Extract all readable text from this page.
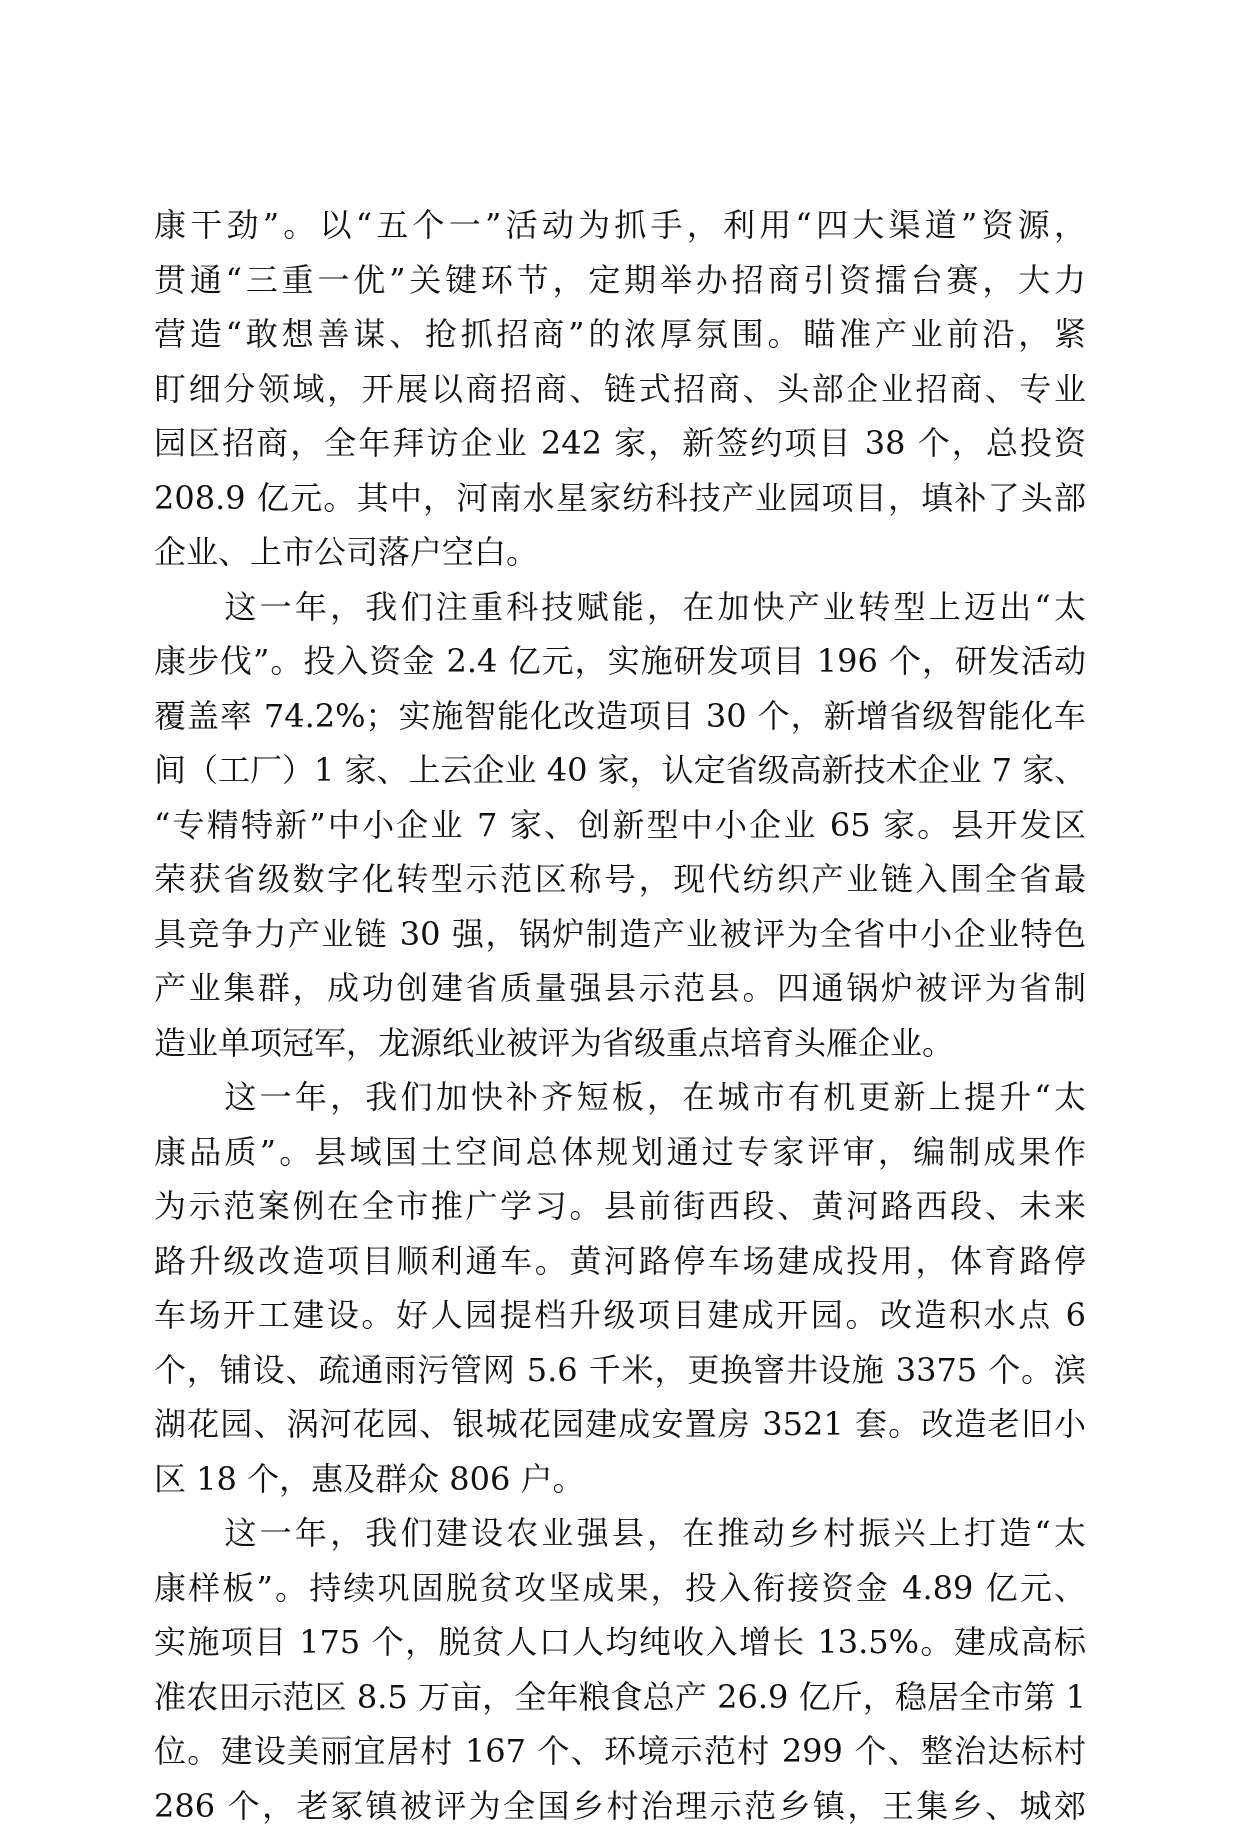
康干劲”。以“五个一”活动为抓手，利用“四大渠道”资源，
贯通“三重一优”关键环节，定期举办招商引资擂台赛，大力
营造“敢想善谋、抢抓招商”的浓厚氛围。瞄准产业前沿，紧
盯细分领域，开展以商招商、链式招商、头部企业招商、专业
园区招商，全年拜访企业 242 家，新签约项目 38 个，总投资
208.9 亿元。其中，河南水星家纺科技产业园项目，填补了头部
企业、上市公司落户空白。
　　这一年，我们注重科技赋能，在加快产业转型上迈出“太
康步伐”。投入资金 2.4 亿元，实施研发项目 196 个，研发活动
覆盖率 74.2%；实施智能化改造项目 30 个，新增省级智能化车
间（工厂）1 家、上云企业 40 家，认定省级高新技术企业 7 家、
“专精特新”中小企业 7 家、创新型中小企业 65 家。县开发区
荣获省级数字化转型示范区称号，现代纺织产业链入围全省最
具竞争力产业链 30 强，锅炉制造产业被评为全省中小企业特色
产业集群，成功创建省质量强县示范县。四通锅炉被评为省制
造业单项冠军，龙源纸业被评为省级重点培育头雁企业。
　　这一年，我们加快补齐短板，在城市有机更新上提升“太
康品质”。县域国土空间总体规划通过专家评审，编制成果作
为示范案例在全市推广学习。县前街西段、黄河路西段、未来
路升级改造项目顺利通车。黄河路停车场建成投用，体育路停
车场开工建设。好人园提档升级项目建成开园。改造积水点 6
个，铺设、疏通雨污管网 5.6 千米，更换窨井设施 3375 个。滨
湖花园、涡河花园、银城花园建成安置房 3521 套。改造老旧小
区 18 个，惠及群众 806 户。
　　这一年，我们建设农业强县，在推动乡村振兴上打造“太
康样板”。持续巩固脱贫攻坚成果，投入衔接资金 4.89 亿元、
实施项目 175 个，脱贫人口人均纯收入增长 13.5%。建成高标
准农田示范区 8.5 万亩，全年粮食总产 26.9 亿斤，稳居全市第 1
位。建设美丽宜居村 167 个、环境示范村 299 个、整治达标村
286 个，老冢镇被评为全国乡村治理示范乡镇，王集乡、城郊
